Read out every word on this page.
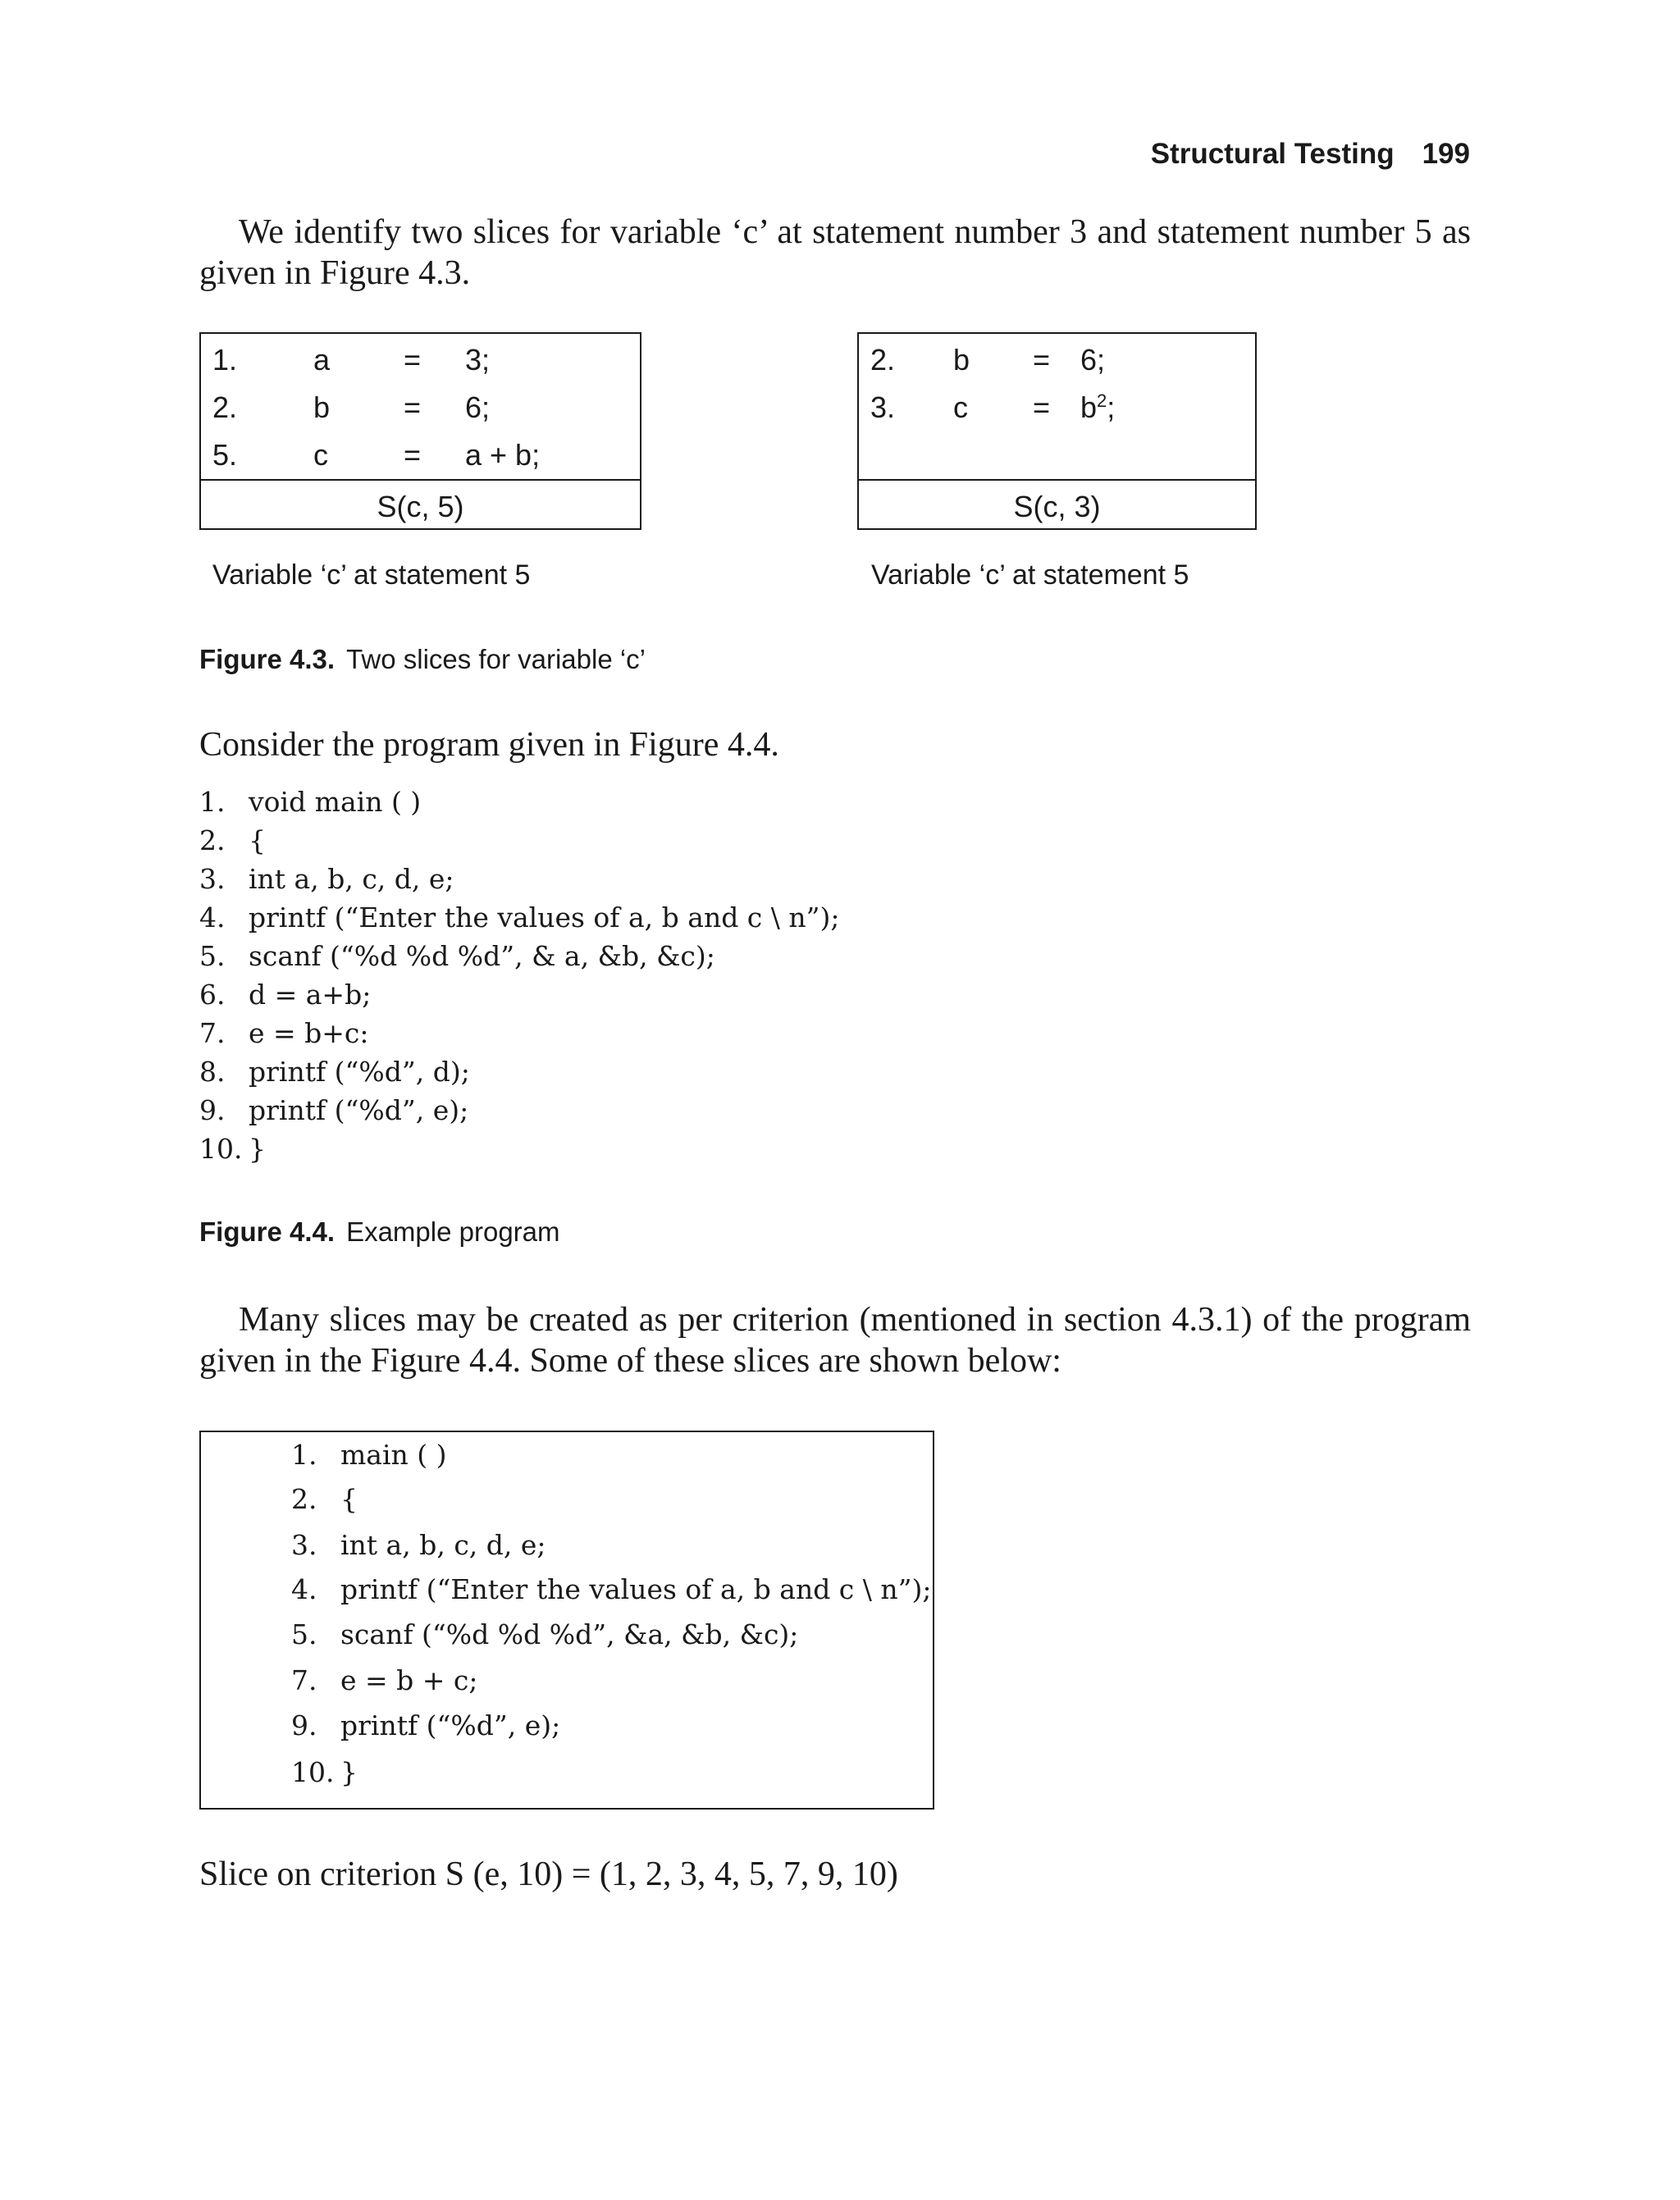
Structural Testing 199
We identify two slices for variable ‘c’ at statement number 3 and statement number 5 as given in Figure 4.3.
1.	a = 3;
2.	b = 6;
5.	c	= a + b;
S(c, 5)
Variable ‘c’ at statement 5
2. b = 6;
3. $c = b^2$;
S(c, 3)
Variable ‘c’ at statement 5
Figure 4.3. Two slices for variable ‘c’
Consider the program given in Figure 4.4.
1. void main ( )
2. {
3. int a, b, c, d, e;
4. printf (“Enter the values of a, b and c \ n”);
5. scanf (“%d %d %d”, & a, &b, &c);
6. d = a+b;
7. e = b+c:
8. printf (“%d”, d);
9. printf (“%d”, e);
10. }
Figure 4.4. Example program
Many slices may be created as per criterion (mentioned in section 4.3.1) of the program given in the Figure 4.4. Some of these slices are shown below:
1. main ( )
2. {
3. int a, b, c, d, e;
4. printf (“Enter the values of a, b and c \ n”);
5. scanf (“%d %d %d”, &a, &b, &c);
7. e = b + c;
9. printf (“%d”, e);
10. }
Slice on criterion S (e, 10) = (1, 2, 3, 4, 5, 7, 9, 10)
